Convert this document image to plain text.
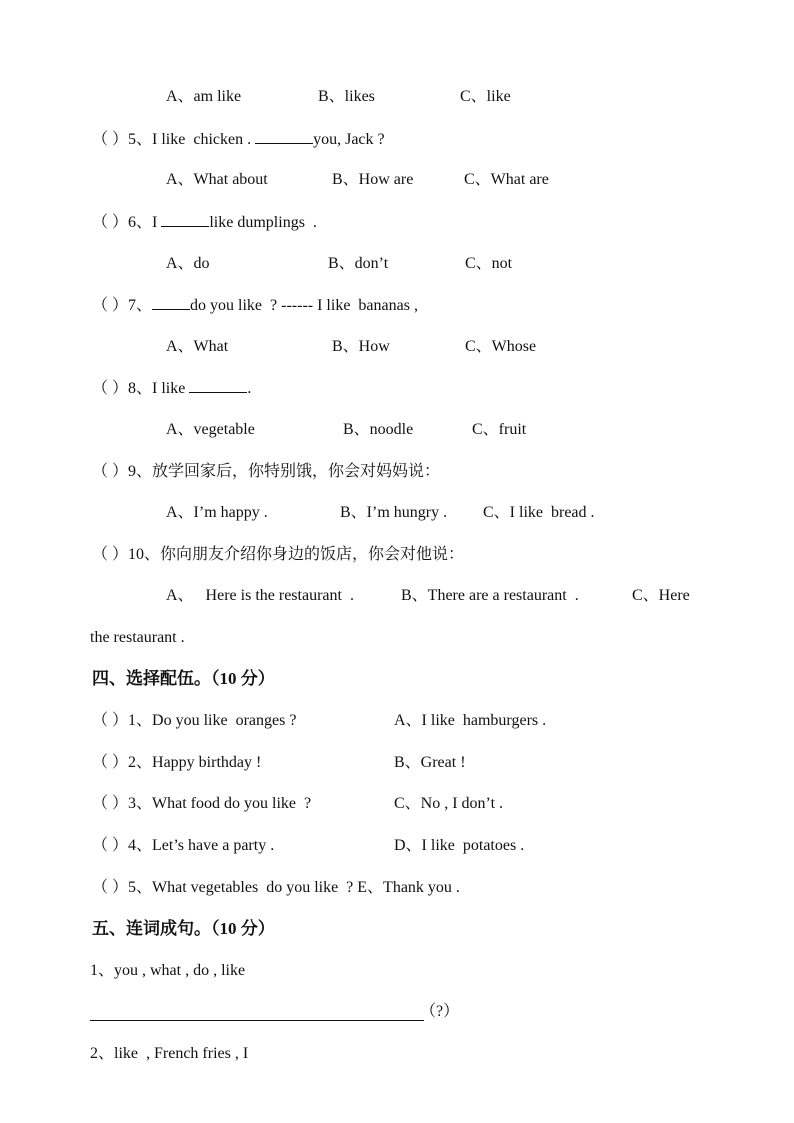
A、am like	B、likes	C、like
（ ）5、I like  chicken .	you, Jack ?
A、What about	B、How are	C、What are
（ ）6、I	like dumplings  .
A、do	B、don’t	C、not
（ ）7、 do you like  ? ------ I like  bananas ,
A、What	B、How	C、Whose
（ ）8、I like	.
A、vegetable	B、noodle	C、fruit
（ ）9、放学回家后，你特别饿，你会对妈妈说：
A、I’m happy .	B、I’m hungry . C、I like  bread .
（ ）10、你向朋友介绍你身边的饭店，你会对他说：
A、   Here is the restaurant  .	B、There are a restaurant  .	C、Here
the restaurant .
四、选择配伍。（10 分）
（ ）1、Do you like  oranges ?	A、I like  hamburgers .
（ ）2、Happy birthday !	B、Great !
（ ）3、What food do you like  ?	C、No , I don’t .
（ ）4、Let’s have a party .	D、I like  potatoes .
（ ）5、What vegetables  do you like  ? E、Thank you .
五、连词成句。（10 分）
1、you , what , do , like
（?）
2、like  , French fries , I
